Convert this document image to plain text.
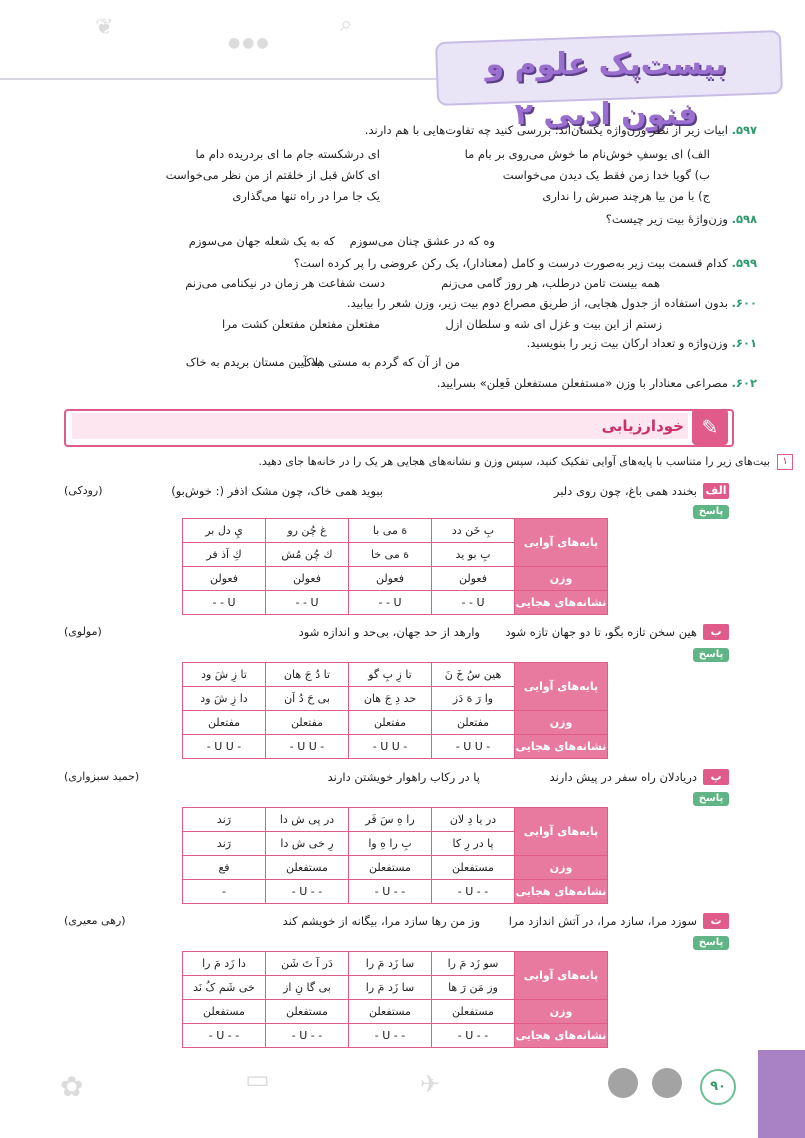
❦
●●●
⌕
بیست‌پک علوم و فنون ادبی ۲	۵۹۷. ابیات زیر از نظر وزن‌واژه یکسان‌اند؛ بررسی کنید چه تفاوت‌هایی با هم دارند.
الف) ای یوسفِ خوش‌نام ما خوش می‌روی بر بام ما
ای درشکسته جام ما ای بردریده دام ما
ب) گویا خدا زمن فقط یک دیدن می‌خواست
ای کاش قبل از خلقتم از من نظر می‌خواست
ج) با من بیا هرچند صبرش را ندارى
یک جا مرا در راه تنها می‌گذاری
۵۹۸. وزن‌واژهٔ بیت زیر چیست؟
وه که در عشق چنان می‌سوزم
که به یک شعله جهان می‌سوزم
۵۹۹. کدام قسمت بیت زیر به‌صورت درست و کامل (معنادار)، یک رکن عروضی را پر کرده است؟
همه بیست تامن درطلب، هر روز گامی می‌زنم
دست شفاعت هر زمان در نیکنامی می‌زنم
۶۰۰. بدون استفاده از جدول هجایی، از طریق مصراع دوم بیت زیر، وزن شعر را بیابید.
زستم از این بیت و غزل ای شه و سلطان ازل
مفتعلن مفتعلن مفتعلن کشت مرا
۶۰۱. وزن‌واژه و تعداد ارکان بیت زیر را بنویسید.
من از آن که گردم به مستی هلاک
به آیین مستان بریدم به خاک
۶۰۲. مصراعی معنادار با وزن «مستفعلن مستفعلن فَعِلن» بسرایید.
خودارزیابی ✎
۱
بیت‌های زیر را متناسب با پایه‌های آوایی تفکیک کنید، سپس وزن و نشانه‌های هجایی هر یک را در خانه‌ها جای دهید.
الف
بخندد همی باغ، چون روی دلبر
ببوید همی خاک، چون مشک اذفر (: خوش‌بو)
(رودکی)
پاسخ
پایه‌های آوایی	بِ خَن دد	هَ مى با	غ چُن رو	يِ دل بر
	بِ بو يد	هَ مى خا	ك چُن مُش	كِ اَذ فر
وزن	فعولن	فعولن	فعولن	فعولن
نشانه‌های هجایی	U - -	U - -	U - -	U - -
ب
هین سخن تازه بگو، تا دو جهان تازه شود
وارهد از حد جهان، بی‌حد و اندازه شود
(مولوی)
پاسخ
پایه‌های آوایی	هین سُ خَ نَ	تا زِ بِ گو	تا دُ جَ هان	تا زِ شَ ود
	وا رَ هَ دَز	حد دِ جَ هان	بی حَ دُ اَن	دا زِ شَ ود
وزن	مفتعلن	مفتعلن	مفتعلن	مفتعلن
نشانه‌های هجایی	- U U -	- U U -	- U U -	- U U -
پ
دریادلان راه سفر در پیش دارند
پا در رکاب راهوار خویشتن دارند
(حمید سبزواری)
پاسخ
پایه‌های آوایی	در یا دِ لان	را هِ سَ فَر	در پی ش دا	رَند
	پا در رِ کا	بِ را هِ وا	رِ خی ش دا	رَند
وزن	مستفعلن	مستفعلن	مستفعلن	فع
نشانه‌های هجایی	- - U -	- - U -	- - U -	-
ت
سوزد مرا، سازد مرا، در آتش اندازد مرا
وز من رها سازد مرا، بیگانه از خویشم کند
(رهی معیری)
پاسخ
پایه‌های آوایی	سو زَد مَ را	سا زَد مَ را	دَر آ تَ شَن	دا زَد مَ را
	وز مَن رَ ها	سا زَد مَ را	بی گا نِ از	خی شَم کُ نَد
وزن	مستفعلن	مستفعلن	مستفعلن	مستفعلن
نشانه‌های هجایی	- - U -	- - U -	- - U -	- - U -
✿	▭	✈	۹۰
